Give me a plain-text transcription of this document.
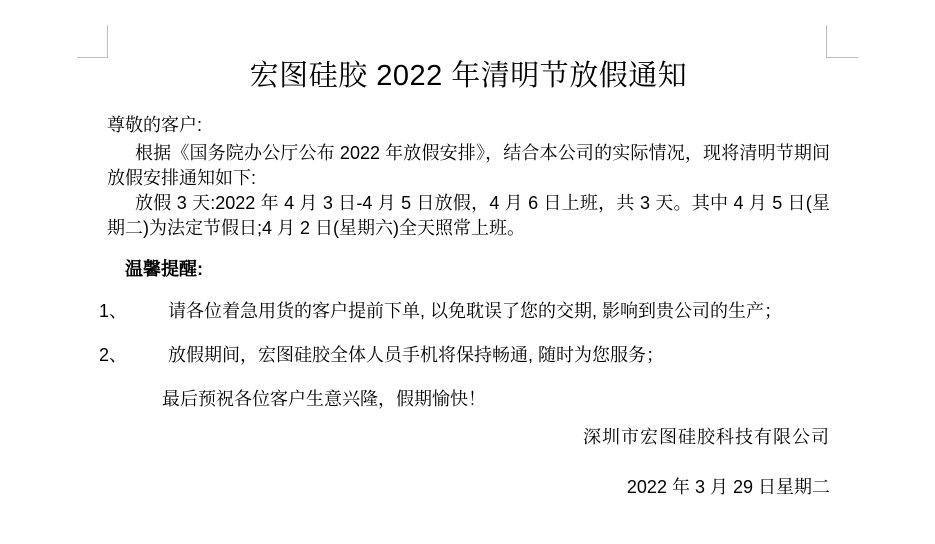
宏图硅胶 2022 年清明节放假通知
尊敬的客户:
根据《国务院办公厅公布 2022 年放假安排》，结合本公司的实际情况，现将清明节期间放假安排通知如下:
放假 3 天:2022 年 4 月 3 日-4 月 5 日放假，4 月 6 日上班，共 3 天。其中 4 月 5 日(星期二)为法定节假日;4 月 2 日(星期六)全天照常上班。
温馨提醒:
1、	请各位着急用货的客户提前下单, 以免耽误了您的交期, 影响到贵公司的生产；
2、	放假期间，宏图硅胶全体人员手机将保持畅通, 随时为您服务；
最后预祝各位客户生意兴隆，假期愉快！
深圳市宏图硅胶科技有限公司
2022 年 3 月 29 日星期二
